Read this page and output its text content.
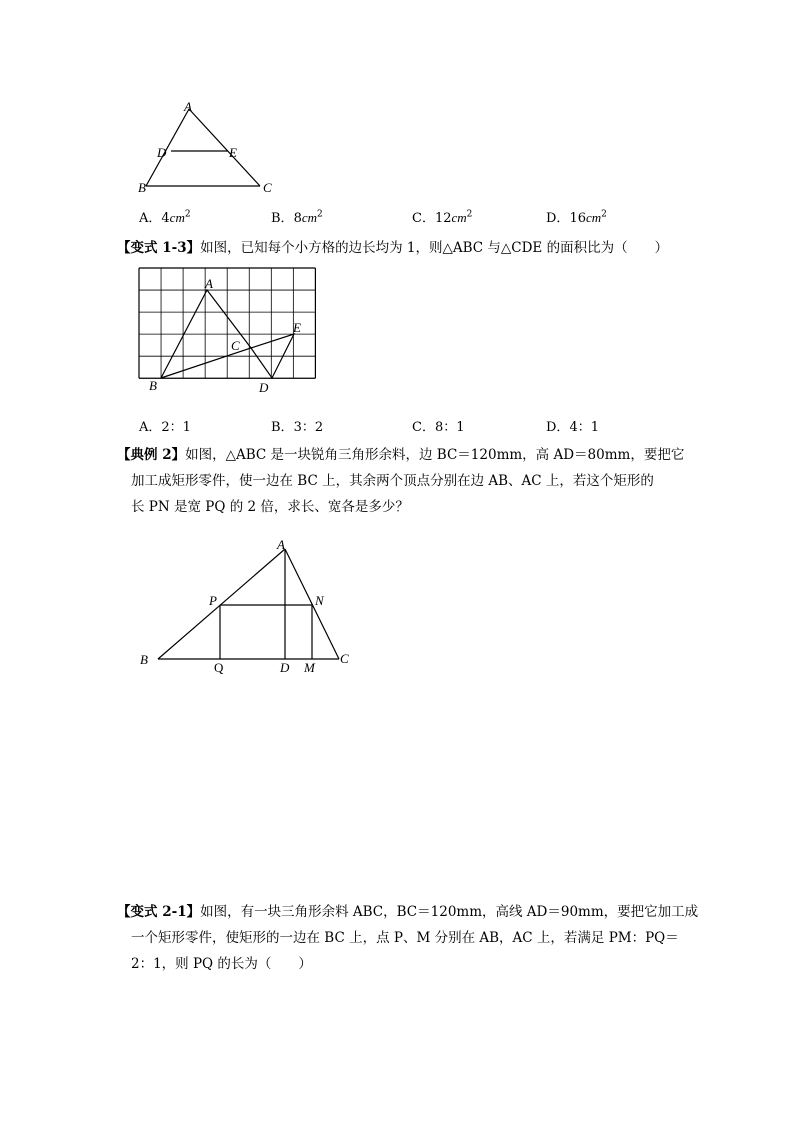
A
D	E
B	C
A．$4cm^2$	B．$8cm^2$	C．$12cm^2$	D．$16cm^2$
【变式 1-3】如图，已知每个小方格的边长均为 1，则△ABC 与△CDE 的面积比为（　　）
A
E
C
B	D
A．2：1	B．3：2	C．8：1	D．4：1
【典例 2】如图，△ABC 是一块锐角三角形余料，边 BC＝120mm，高 AD＝80mm，要把它
加工成矩形零件，使一边在 BC 上，其余两个顶点分别在边 AB、AC 上，若这个矩形的
长 PN 是宽 PQ 的 2 倍，求长、宽各是多少？
A
P	N
B	C
Q	D M
【变式 2-1】如图，有一块三角形余料 ABC，BC＝120mm，高线 AD＝90mm，要把它加工成
一个矩形零件，使矩形的一边在 BC 上，点 P、M 分别在 AB，AC 上，若满足 PM：PQ＝
2：1，则 PQ 的长为（　　）
